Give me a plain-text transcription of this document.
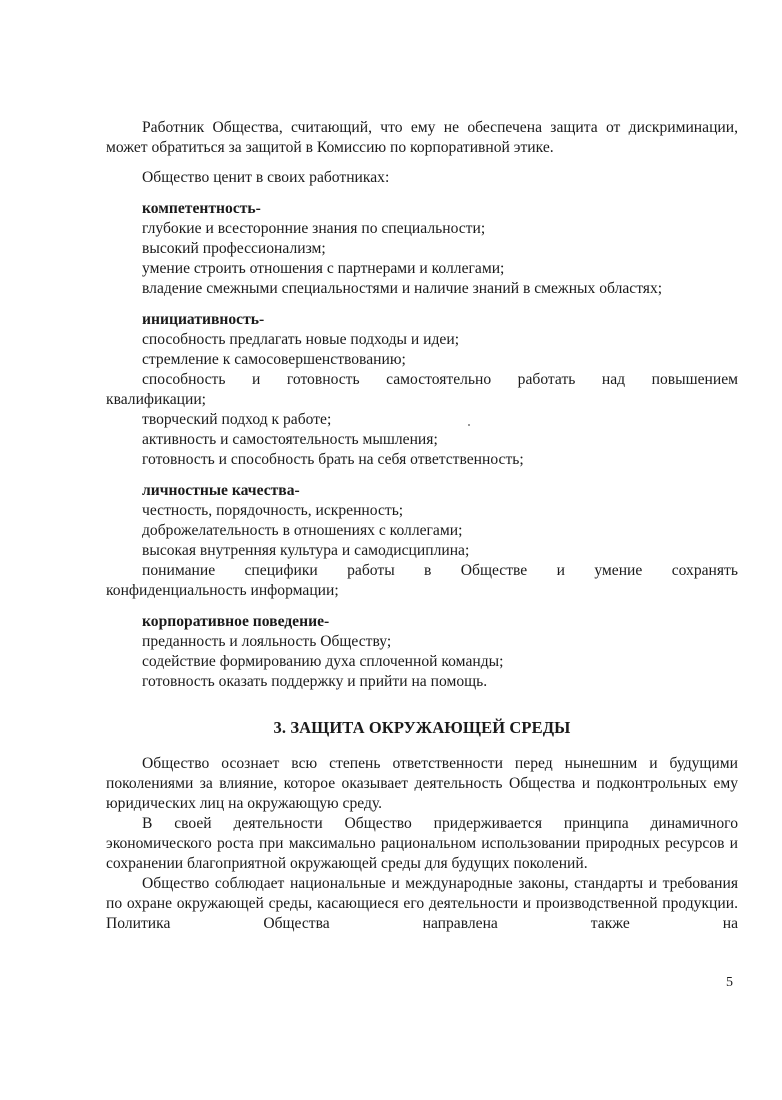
Работник Общества, считающий, что ему не обеспечена защита от дискриминации, может обратиться за защитой в Комиссию по корпоративной этике.

Общество ценит в своих работниках:

компетентность-
глубокие и всесторонние знания по специальности;
высокий профессионализм;
умение строить отношения с партнерами и коллегами;
владение смежными специальностями и наличие знаний в смежных областях;
инициативность-
способность предлагать новые подходы и идеи;
стремление к самосовершенствованию;
способность и готовность самостоятельно работать над повышением
квалификации;
творческий подход к работе;
активность и самостоятельность мышления;
готовность и способность брать на себя ответственность;
личностные качества-
честность, порядочность, искренность;
доброжелательность в отношениях с коллегами;
высокая внутренняя культура и самодисциплина;
понимание специфики работы в Обществе и умение сохранять
конфиденциальность информации;
корпоративное поведение-
преданность и лояльность Обществу;
содействие формированию духа сплоченной команды;
готовность оказать поддержку и прийти на помощь.
3. ЗАЩИТА ОКРУЖАЮЩЕЙ СРЕДЫ

Общество осознает всю степень ответственности перед нынешним и будущими поколениями за влияние, которое оказывает деятельность Общества и подконтрольных ему юридических лиц на окружающую среду.

В своей деятельности Общество придерживается принципа динамичного экономического роста при максимально рациональном использовании природных ресурсов и сохранении благоприятной окружающей среды для будущих поколений.

Общество соблюдает национальные и международные законы, стандарты и требования по охране окружающей среды, касающиеся его деятельности и производственной продукции. Политика Общества направлена также на

5
